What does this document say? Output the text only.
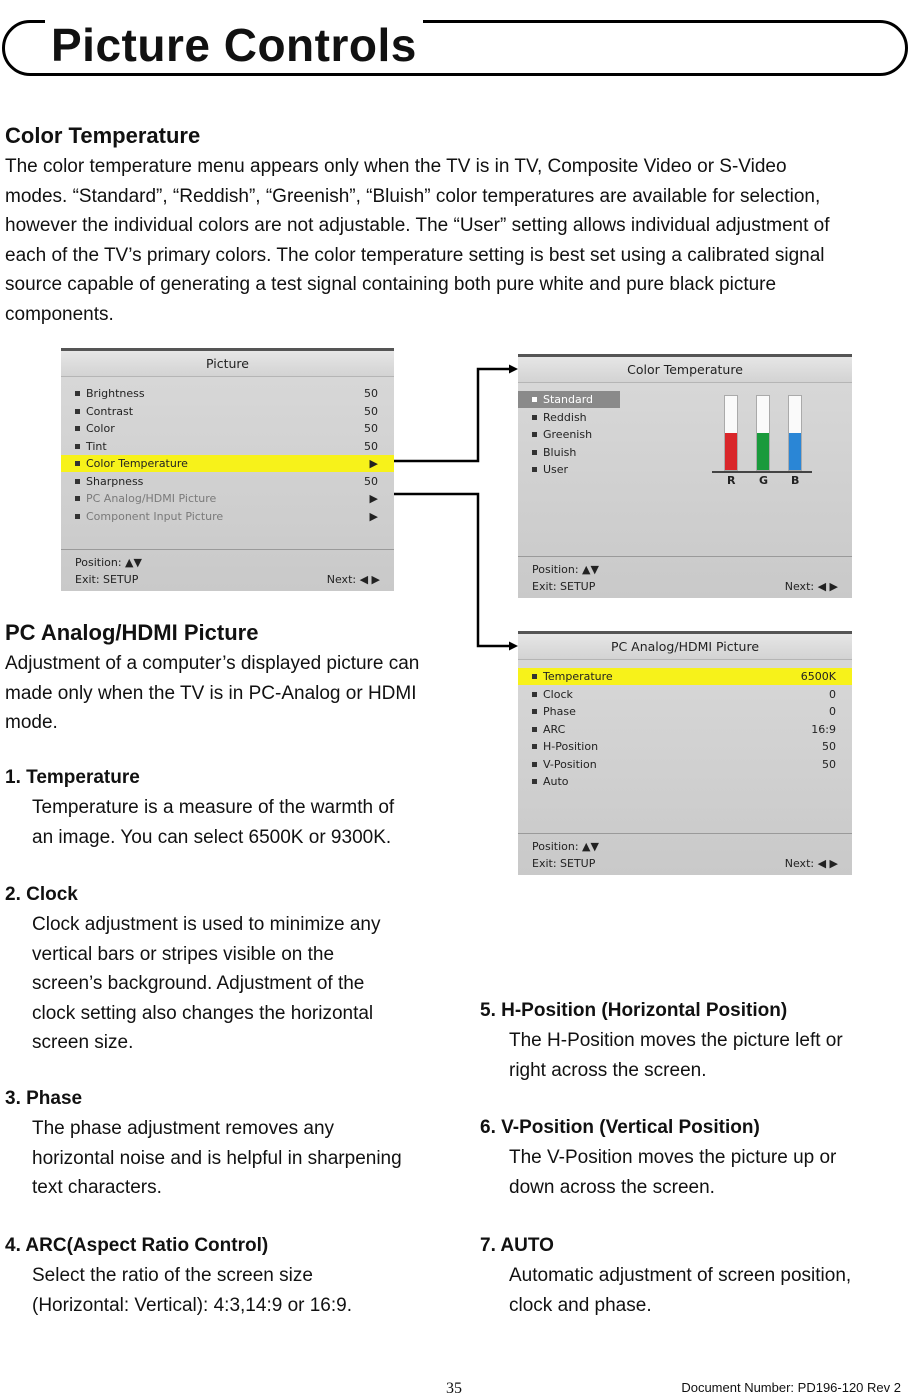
Picture Controls
Color Temperature
The color temperature menu appears only when the TV is in TV, Composite Video or S-Video
modes. “Standard”, “Reddish”, “Greenish”, “Bluish” color temperatures are available for selection,
however the individual colors are not adjustable. The “User” setting allows individual adjustment of
each of the TV’s primary colors. The color temperature setting is best set using a calibrated signal
source capable of generating a test signal containing both pure white and pure black picture
components.
Picture
Brightness	50
Contrast	50
Color	50
Tint	50
Color Temperature	▶
Sharpness	50
PC Analog/HDMI Picture	▶
Component Input Picture	▶
Position: ▲▼
Exit: SETUP	Next: ◀ ▶
Color Temperature
Standard
Reddish
Greenish
Bluish
User
R G B
Position: ▲▼
Exit: SETUP	Next: ◀ ▶
PC Analog/HDMI Picture
Temperature	6500K
Clock	0
Phase	0
ARC	16:9
H-Position	50
V-Position	50
Auto
Position: ▲▼
Exit: SETUP	Next: ◀ ▶
PC Analog/HDMI Picture
Adjustment of a computer’s displayed picture can
made only when the TV is in PC-Analog or HDMI
mode.
1. Temperature
Temperature is a measure of the warmth of
an image. You can select 6500K or 9300K.
2. Clock
Clock adjustment is used to minimize any
vertical bars or stripes visible on the
screen’s background. Adjustment of the
clock setting also changes the horizontal
screen size.
3. Phase
The phase adjustment removes any
horizontal noise and is helpful in sharpening
text characters.
4. ARC(Aspect Ratio Control)
Select the ratio of the screen size
(Horizontal: Vertical): 4:3,14:9 or 16:9.
5. H-Position (Horizontal Position)
The H-Position moves the picture left or
right across the screen.
6. V-Position (Vertical Position)
The V-Position moves the picture up or
down across the screen.
7. AUTO
Automatic adjustment of screen position,
clock and phase.
35	Document Number: PD196-120 Rev 2
